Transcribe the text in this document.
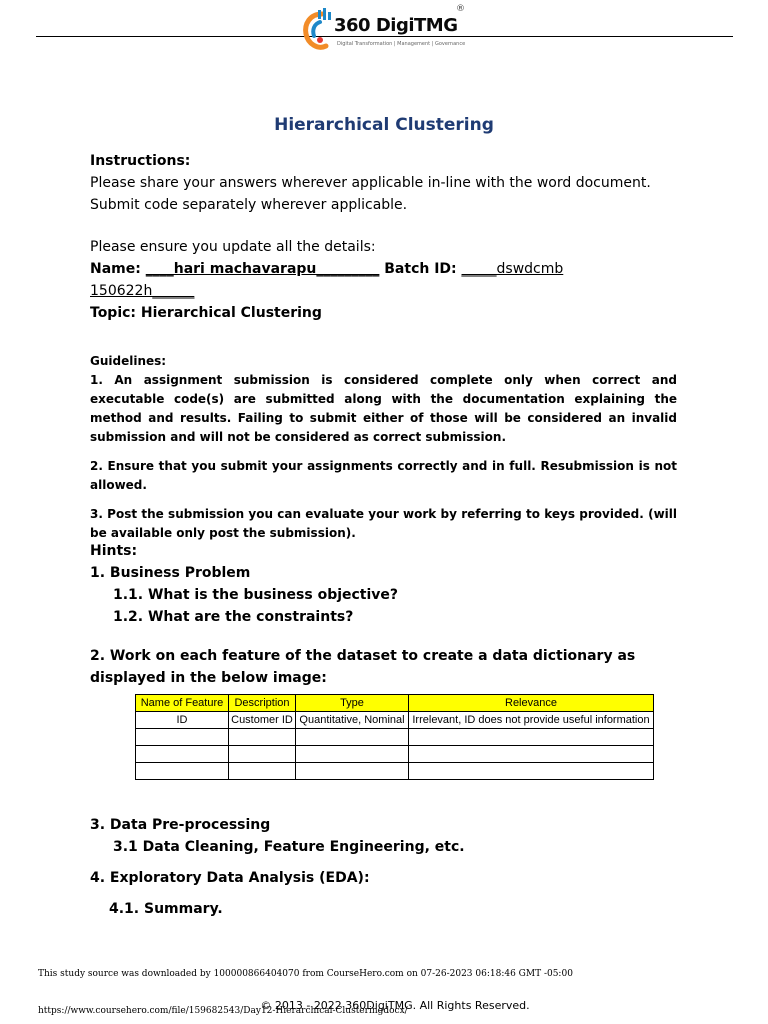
360 DigiTMG
®
Digital Transformation | Management | Governance
Hierarchical Clustering
Instructions:
Please share your answers wherever applicable in-line with the word document.
Submit code separately wherever applicable.
Please ensure you update all the details:
Name: ____hari machavarapu_________ Batch ID: _____dswdcmb
150622h______
Topic: Hierarchical Clustering
Guidelines:
1. An assignment submission is considered complete only when correct and executable code(s) are submitted along with the documentation explaining the method and results. Failing to submit either of those will be considered an invalid submission and will not be considered as correct submission.
2. Ensure that you submit your assignments correctly and in full. Resubmission is not allowed.
3. Post the submission you can evaluate your work by referring to keys provided. (will be available only post the submission).
Hints:
1. Business Problem
1.1. What is the business objective?
1.2. What are the constraints?
2. Work on each feature of the dataset to create a data dictionary as displayed in the below image:
Name of Feature	Description	Type	Relevance
ID	Customer ID	Quantitative, Nominal	Irrelevant, ID does not provide useful information

3. Data Pre-processing
3.1 Data Cleaning, Feature Engineering, etc.
4. Exploratory Data Analysis (EDA):
4.1. Summary.
This study source was downloaded by 100000866404070 from CourseHero.com on 07-26-2023 06:18:46 GMT -05:00
© 2013 - 2022 360DigiTMG. All Rights Reserved.
https://www.coursehero.com/file/159682543/Day12-Hierarchical-Clusteringdocx/
